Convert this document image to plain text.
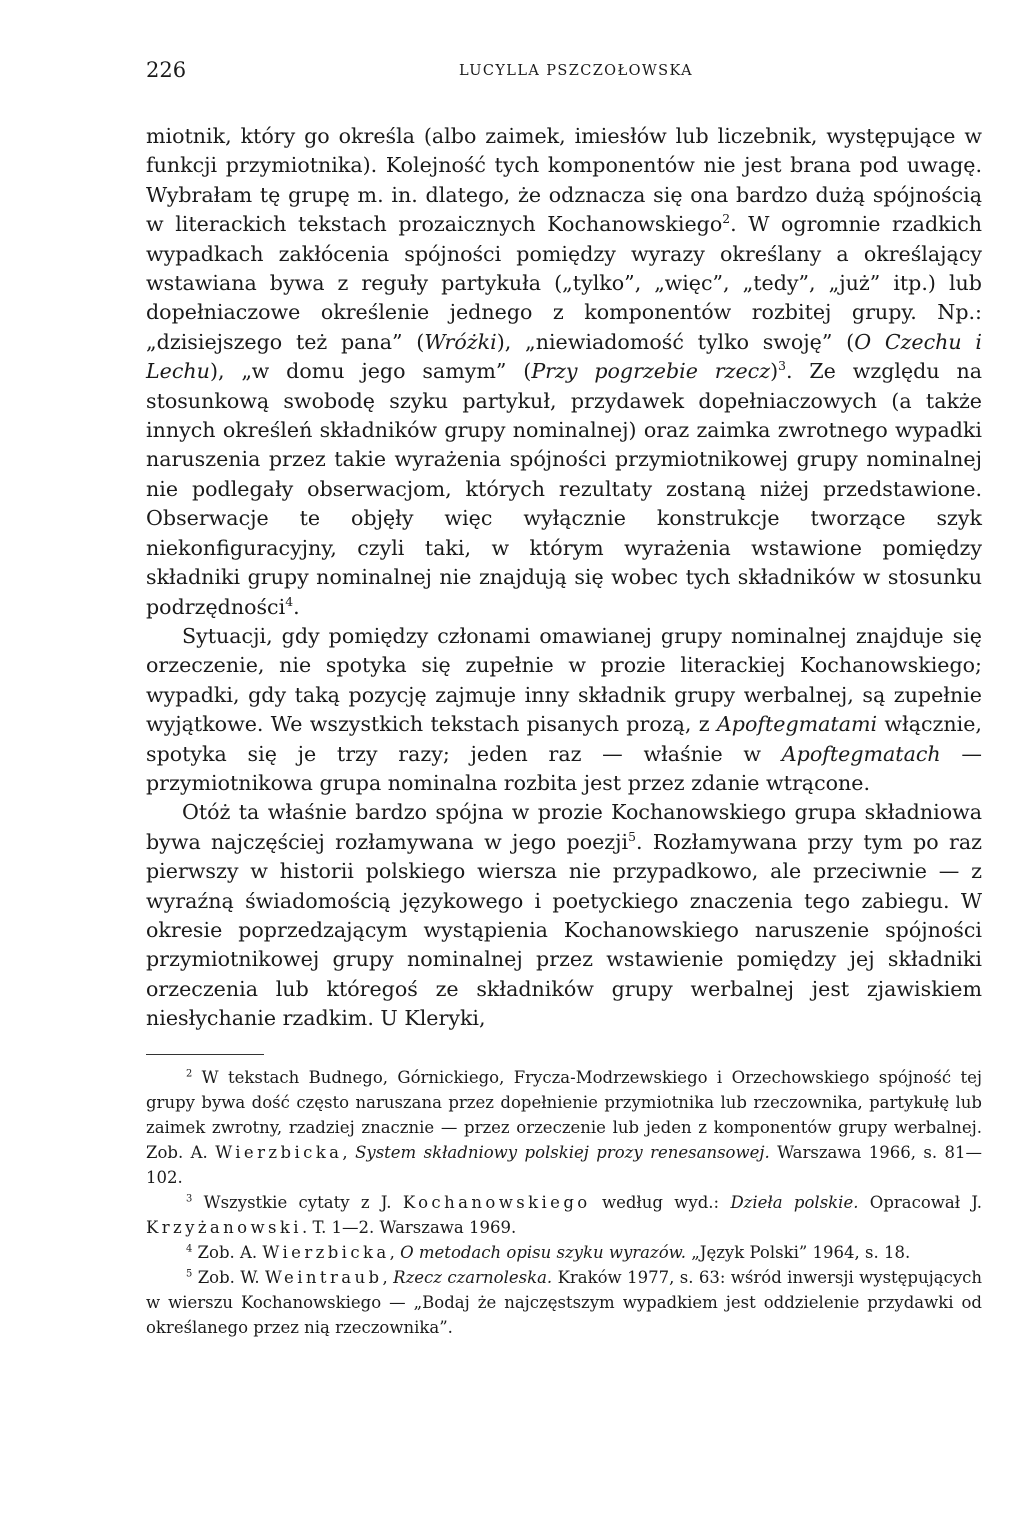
226	LUCYLLA PSZCZOŁOWSKA

miotnik, który go określa (albo zaimek, imiesłów lub liczebnik, występujące w funkcji przymiotnika). Kolejność tych komponentów nie jest brana pod uwagę. Wybrałam tę grupę m. in. dlatego, że odznacza się ona bardzo dużą spójnością w literackich tekstach prozaicznych Kochanowskiego$^2$. W ogromnie rzadkich wypadkach zakłócenia spójności pomiędzy wyrazy określany a określający wstawiana bywa z reguły partykuła („tylko”, „więc”, „tedy”, „już” itp.) lub dopełniaczowe określenie jednego z komponentów rozbitej grupy. Np.: „dzisiejszego też pana” (Wróżki), „niewiadomość tylko swoję” (O Czechu i Lechu), „w domu jego samym” (Przy pogrzebie rzecz)$^3$. Ze względu na stosunkową swobodę szyku partykuł, przydawek dopełniaczowych (a także innych określeń składników grupy nominalnej) oraz zaimka zwrotnego wypadki naruszenia przez takie wyrażenia spójności przymiotnikowej grupy nominalnej nie podlegały obserwacjom, których rezultaty zostaną niżej przedstawione. Obserwacje te objęły więc wyłącznie konstrukcje tworzące szyk niekonfiguracyjny, czyli taki, w którym wyrażenia wstawione pomiędzy składniki grupy nominalnej nie znajdują się wobec tych składników w stosunku podrzędności$^4$.

Sytuacji, gdy pomiędzy członami omawianej grupy nominalnej znajduje się orzeczenie, nie spotyka się zupełnie w prozie literackiej Kochanowskiego; wypadki, gdy taką pozycję zajmuje inny składnik grupy werbalnej, są zupełnie wyjątkowe. We wszystkich tekstach pisanych prozą, z Apoftegmatami włącznie, spotyka się je trzy razy; jeden raz — właśnie w Apoftegmatach — przymiotnikowa grupa nominalna rozbita jest przez zdanie wtrącone.

Otóż ta właśnie bardzo spójna w prozie Kochanowskiego grupa składniowa bywa najczęściej rozłamywana w jego poezji$^5$. Rozłamywana przy tym po raz pierwszy w historii polskiego wiersza nie przypadkowo, ale przeciwnie — z wyraźną świadomością językowego i poetyckiego znaczenia tego zabiegu. W okresie poprzedzającym wystąpienia Kochanowskiego naruszenie spójności przymiotnikowej grupy nominalnej przez wstawienie pomiędzy jej składniki orzeczenia lub któregoś ze składników grupy werbalnej jest zjawiskiem niesłychanie rzadkim. U Kleryki,

$^2$ W tekstach Budnego, Górnickiego, Frycza-Modrzewskiego i Orzechowskiego spójność tej grupy bywa dość często naruszana przez dopełnienie przymiotnika lub rzeczownika, partykułę lub zaimek zwrotny, rzadziej znacznie — przez orzeczenie lub jeden z komponentów grupy werbalnej. Zob. A. Wierzbicka, System składniowy polskiej prozy renesansowej. Warszawa 1966, s. 81—102.

$^3$ Wszystkie cytaty z J. Kochanowskiego według wyd.: Dzieła polskie. Opracował J. Krzyżanowski. T. 1—2. Warszawa 1969.

$^4$ Zob. A. Wierzbicka, O metodach opisu szyku wyrazów. „Język Polski” 1964, s. 18.

$^5$ Zob. W. Weintraub, Rzecz czarnoleska. Kraków 1977, s. 63: wśród inwersji występujących w wierszu Kochanowskiego — „Bodaj że najczęstszym wypadkiem jest oddzielenie przydawki od określanego przez nią rzeczownika”.
